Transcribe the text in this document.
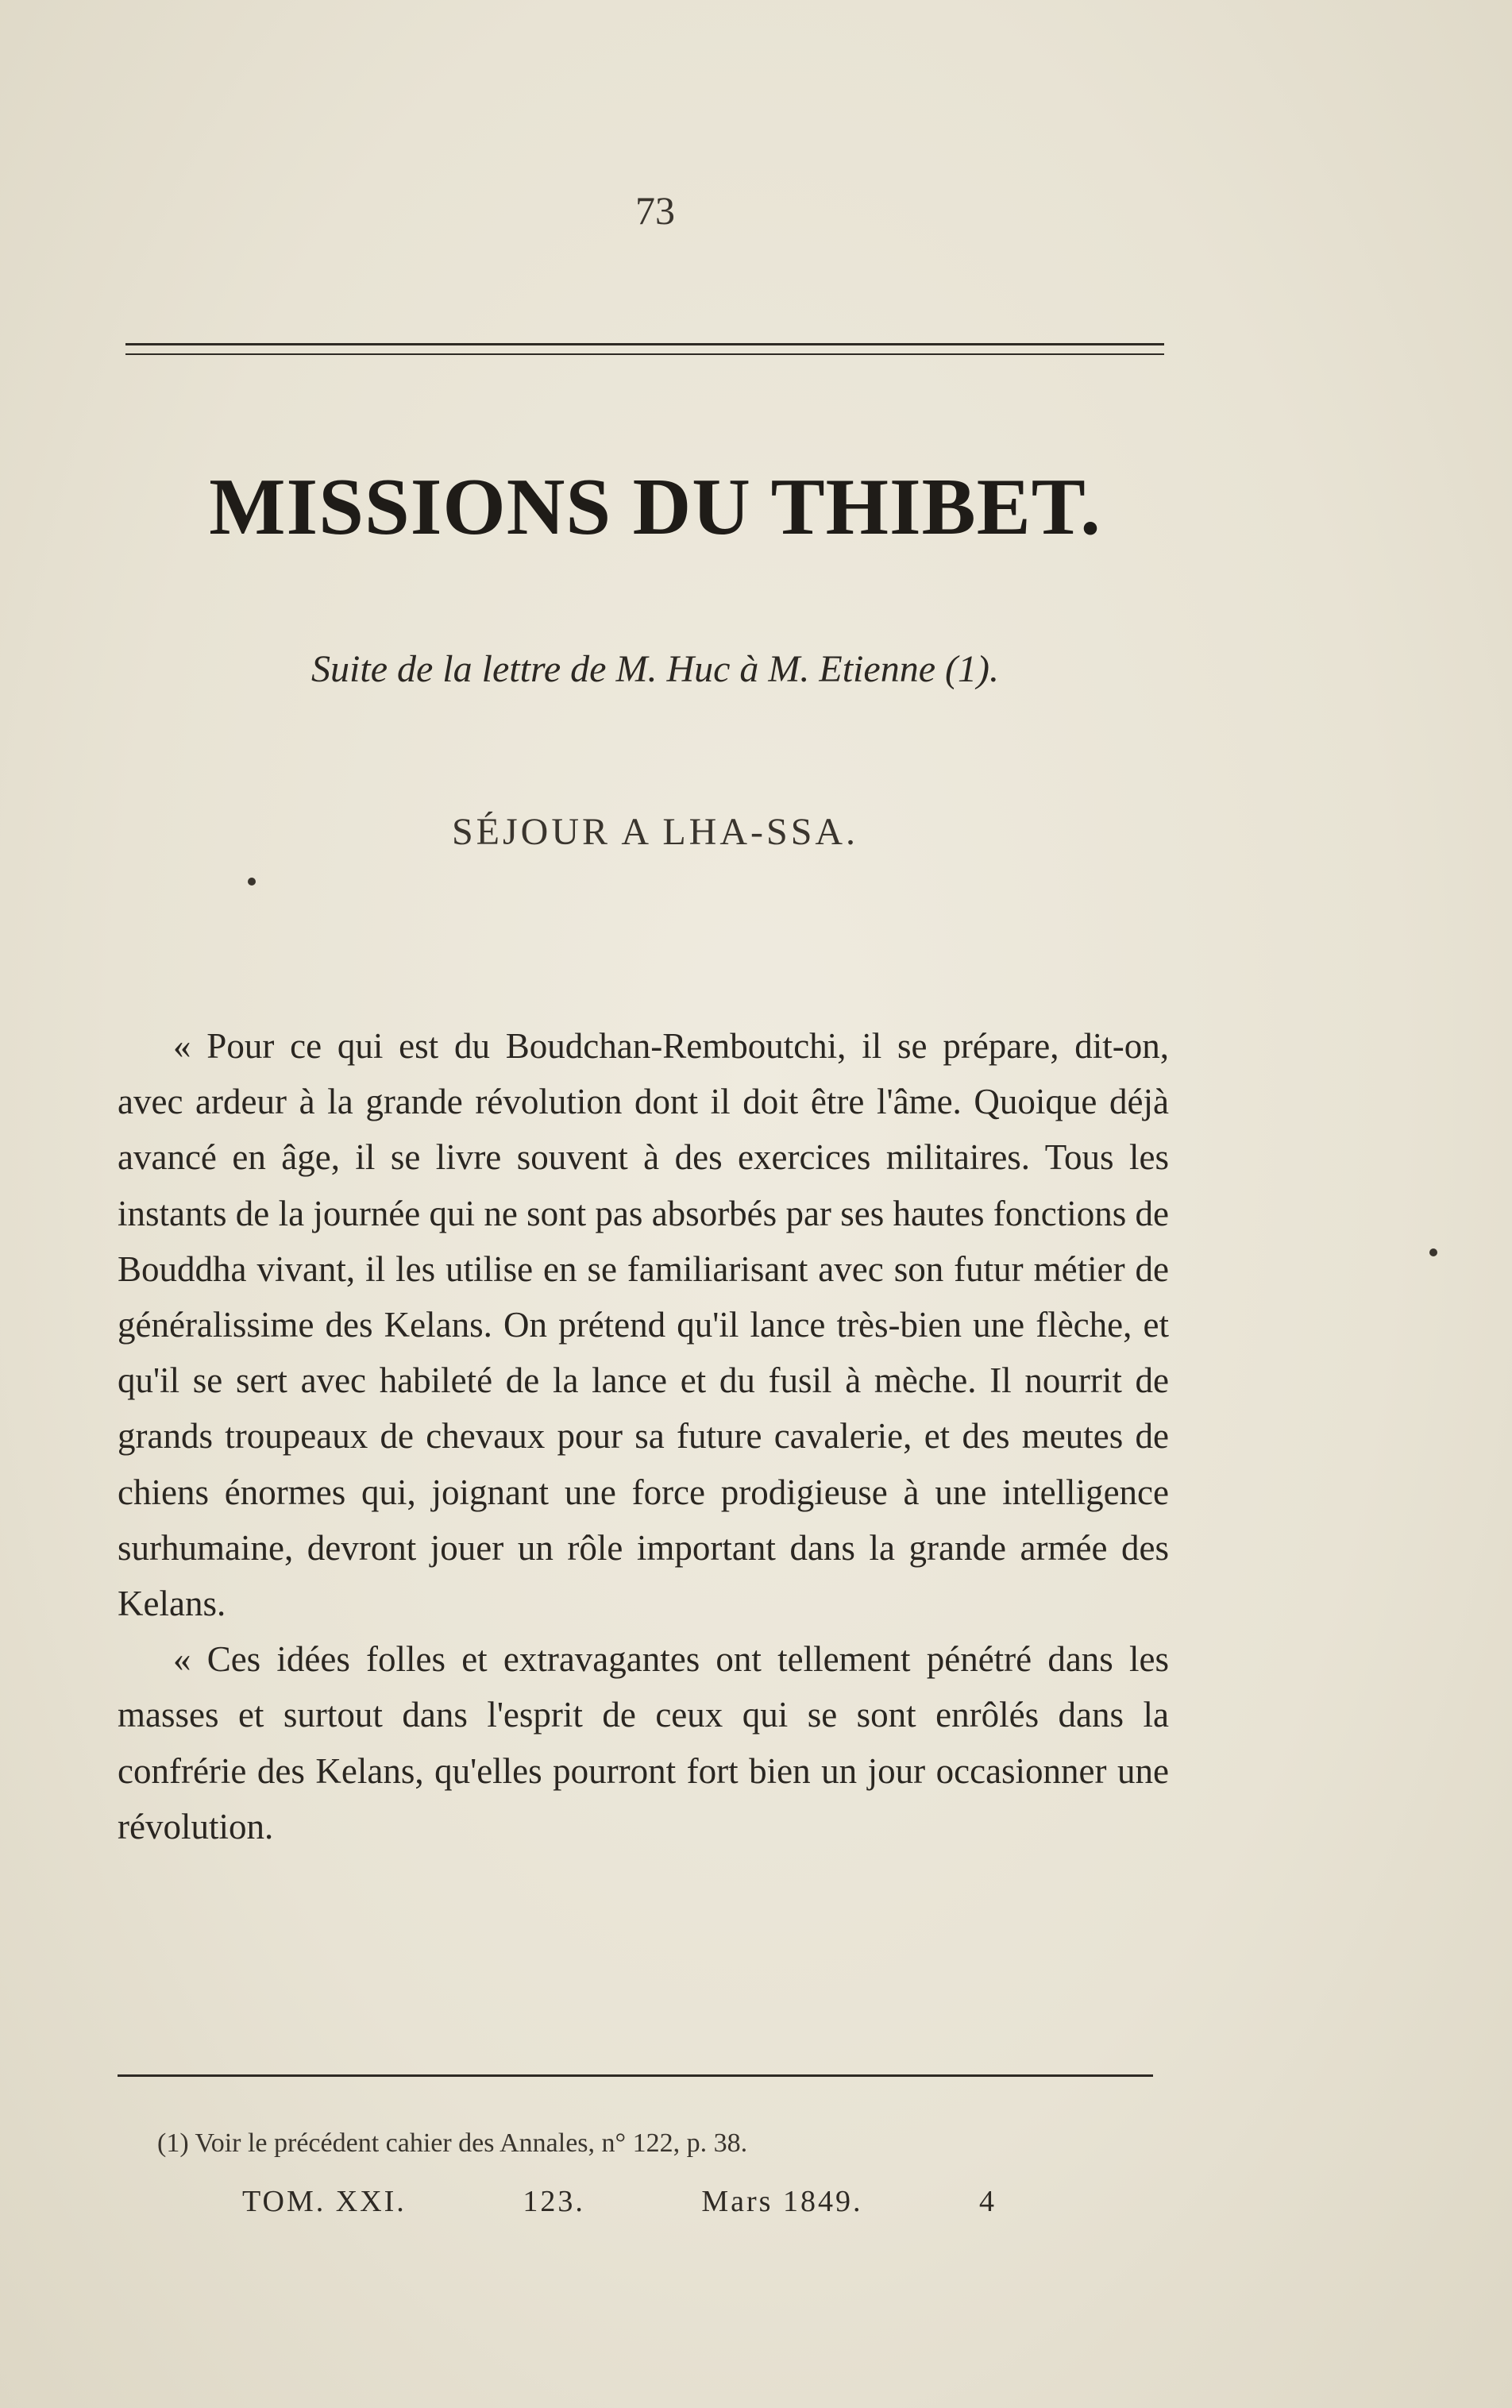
73
MISSIONS DU THIBET.
Suite de la lettre de M. Huc à M. Etienne (1).
SÉJOUR A LHA-SSA.

« Pour ce qui est du Boudchan-Remboutchi, il se prépare, dit-on, avec ardeur à la grande révolution dont il doit être l'âme. Quoique déjà avancé en âge, il se livre souvent à des exercices militaires. Tous les instants de la journée qui ne sont pas absorbés par ses hautes fonctions de Bouddha vivant, il les utilise en se familiarisant avec son futur métier de généralissime des Kelans. On prétend qu'il lance très-bien une flèche, et qu'il se sert avec habileté de la lance et du fusil à mèche. Il nourrit de grands troupeaux de chevaux pour sa future cavalerie, et des meutes de chiens énormes qui, joignant une force prodigieuse à une intelligence surhumaine, devront jouer un rôle important dans la grande armée des Kelans.

« Ces idées folles et extravagantes ont tellement pénétré dans les masses et surtout dans l'esprit de ceux qui se sont enrôlés dans la confrérie des Kelans, qu'elles pourront fort bien un jour occasionner une révolution.

(1) Voir le précédent cahier des Annales, n° 122, p. 38.
TOM. XXI.	123.	Mars 1849.	4
